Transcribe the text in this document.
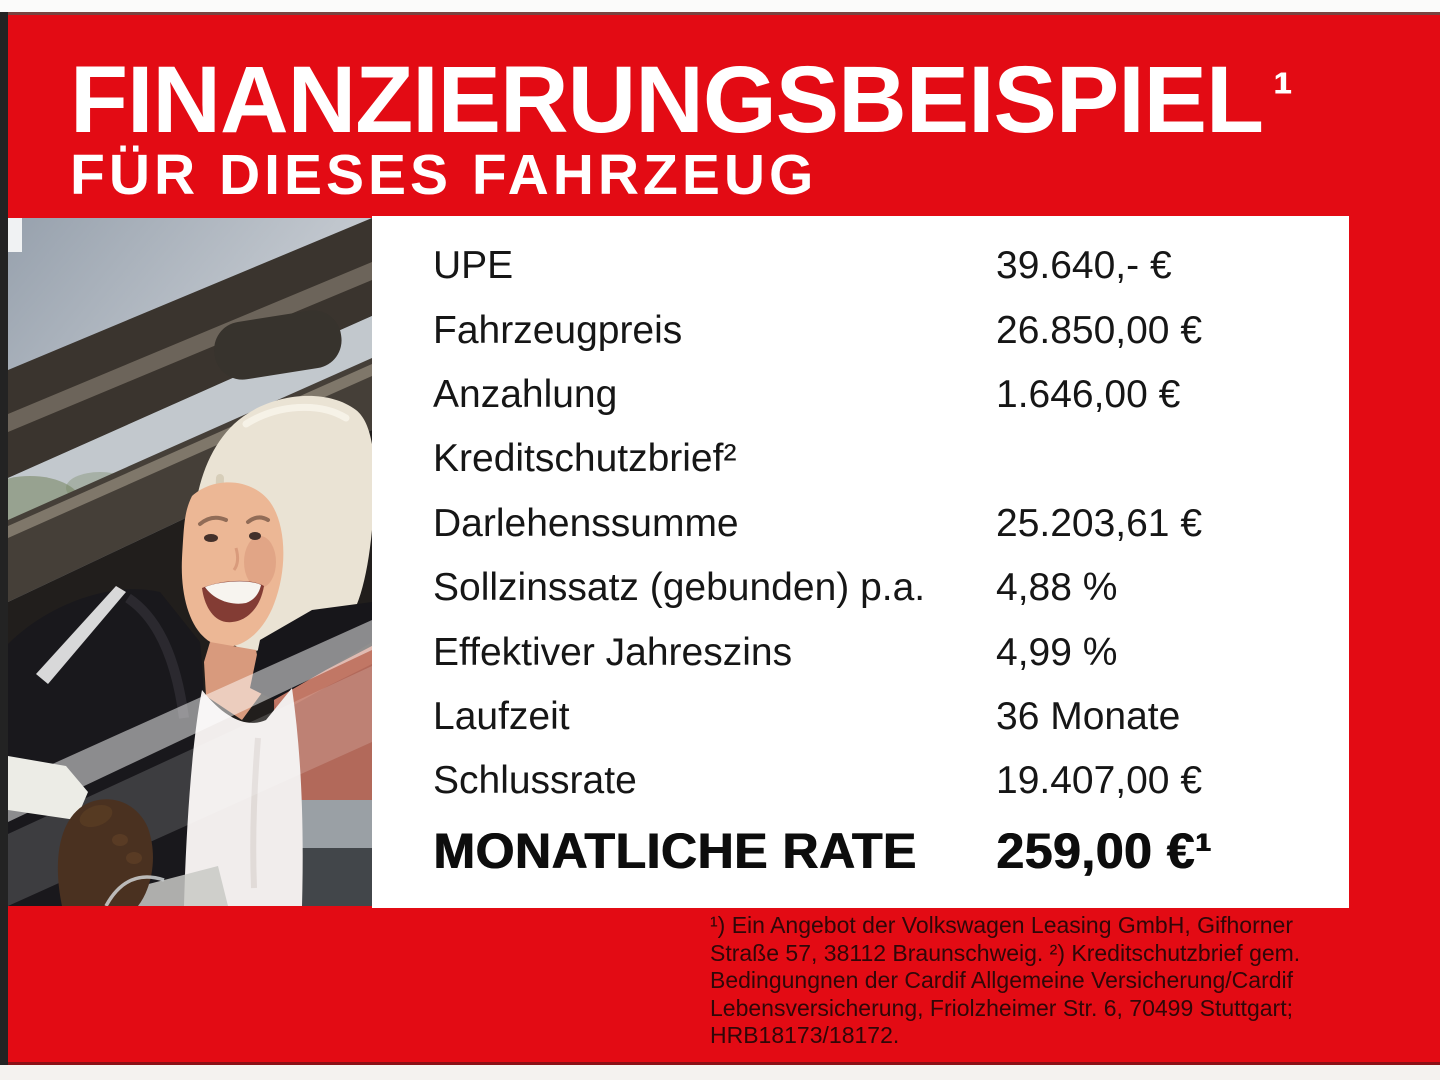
FINANZIERUNGSBEISPIEL $^{^1}$
FÜR DIESES FAHRZEUG
UPE	39.640,- €
Fahrzeugpreis	26.850,00 €
Anzahlung	1.646,00 €
Kreditschutzbrief²
Darlehenssumme	25.203,61 €
Sollzinssatz (gebunden) p.a. 4,88 %
Effektiver Jahreszins	4,99 %
Laufzeit	36 Monate
Schlussrate	19.407,00 €
MONATLICHE RATE 259,00 €¹
¹) Ein Angebot der Volkswagen Leasing GmbH, Gifhorner
Straße 57, 38112 Braunschweig. ²) Kreditschutzbrief gem.
Bedingungnen der Cardif Allgemeine Versicherung/Cardif
Lebensversicherung, Friolzheimer Str. 6, 70499 Stuttgart;
HRB18173/18172.
